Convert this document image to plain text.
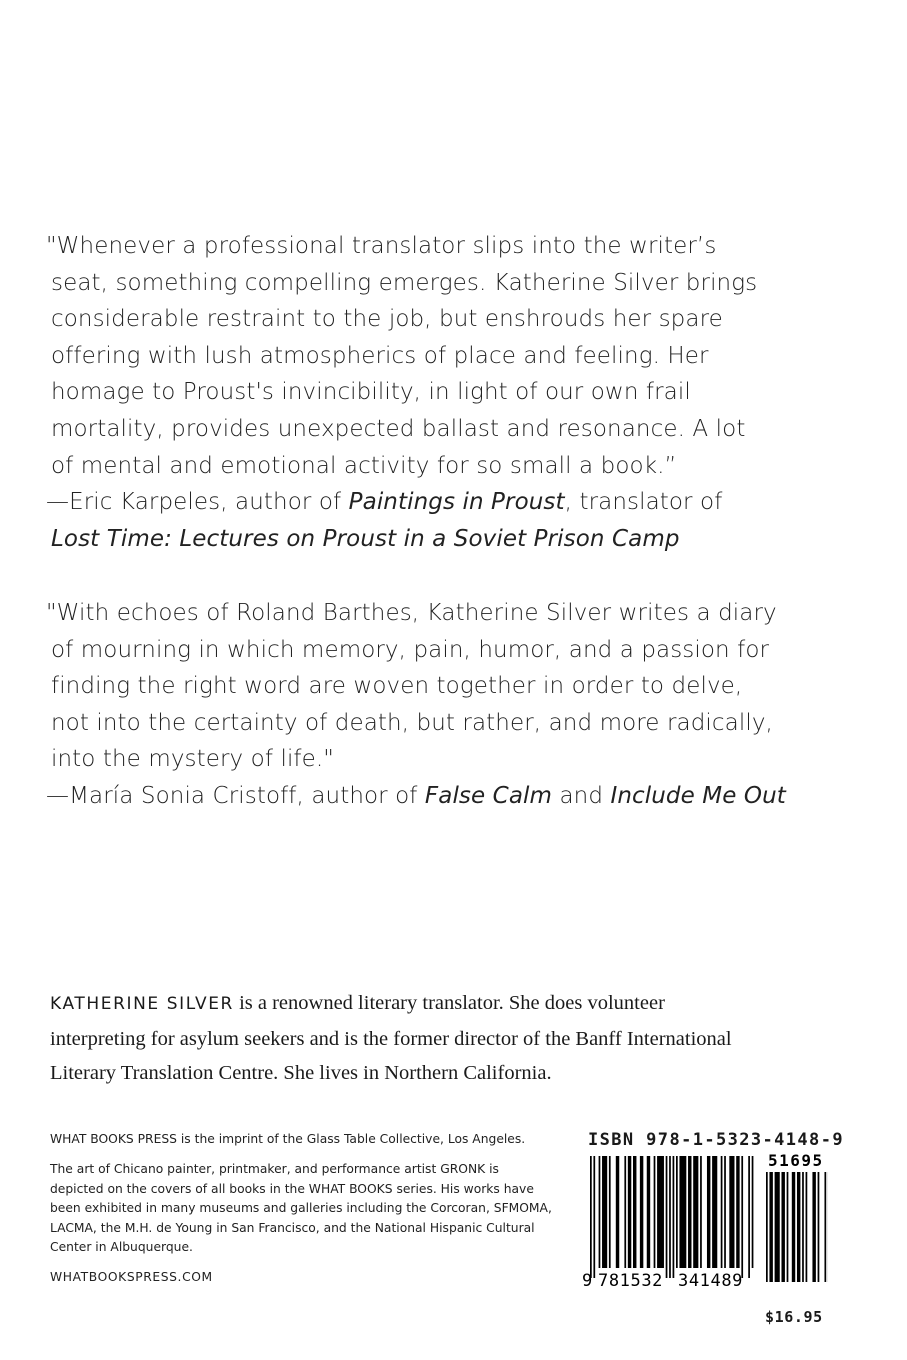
"Whenever a professional translator slips into the writer’s
seat, something compelling emerges. Katherine Silver brings
considerable restraint to the job, but enshrouds her spare
offering with lush atmospherics of place and feeling. Her
homage to Proust's invincibility, in light of our own frail
mortality, provides unexpected ballast and resonance. A lot
of mental and emotional activity for so small a book.”
—Eric Karpeles, author of Paintings in Proust, translator of
Lost Time: Lectures on Proust in a Soviet Prison Camp
"With echoes of Roland Barthes, Katherine Silver writes a diary
of mourning in which memory, pain, humor, and a passion for
finding the right word are woven together in order to delve,
not into the certainty of death, but rather, and more radically,
into the mystery of life."
—María Sonia Cristoff, author of False Calm and Include Me Out
KATHERINE SILVER is a renowned literary translator. She does volunteer
interpreting for asylum seekers and is the former director of the Banff International
Literary Translation Centre. She lives in Northern California.
WHAT BOOKS PRESS is the imprint of the Glass Table Collective, Los Angeles.
The art of Chicano painter, printmaker, and performance artist GRONK is
depicted on the covers of all books in the WHAT BOOKS series. His works have
been exhibited in many museums and galleries including the Corcoran, SFMOMA,
LACMA, the M.H. de Young in San Francisco, and the National Hispanic Cultural
Center in Albuquerque.
WHATBOOKSPRESS.COM
ISBN 978-1-5323-4148-9
9 781532 341489
51695
$16.95
